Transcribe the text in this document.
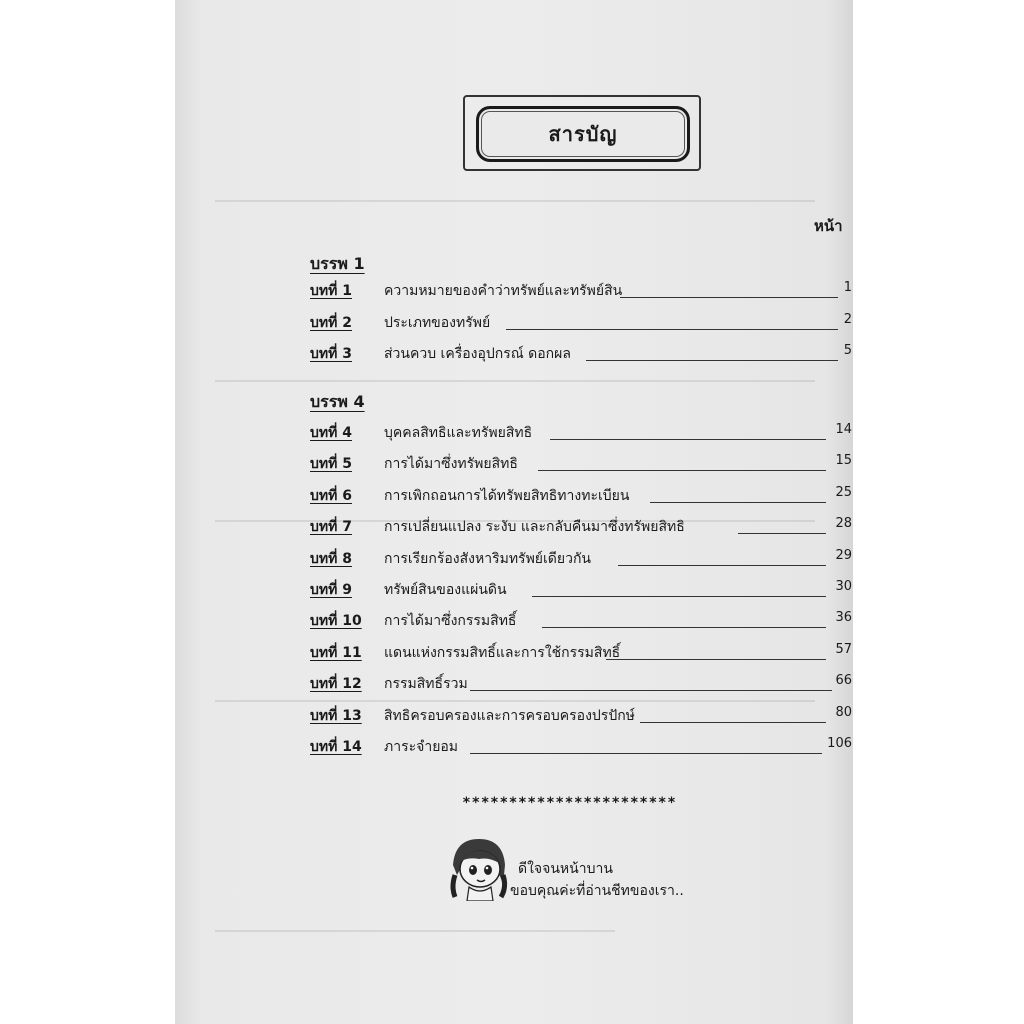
สารบัญ
หน้า
บรรพ 1
บทที่ 1	ความหมายของคำว่าทรัพย์และทรัพย์สิน	1
บทที่ 2	ประเภทของทรัพย์	2
บทที่ 3	ส่วนควบ เครื่องอุปกรณ์ ดอกผล	5
บรรพ 4
บทที่ 4	บุคคลสิทธิและทรัพยสิทธิ	14
บทที่ 5	การได้มาซึ่งทรัพยสิทธิ	15
บทที่ 6	การเพิกถอนการได้ทรัพยสิทธิทางทะเบียน	25
บทที่ 7	การเปลี่ยนแปลง ระงับ และกลับคืนมาซึ่งทรัพยสิทธิ	28
บทที่ 8	การเรียกร้องสังหาริมทรัพย์เดียวกัน	29
บทที่ 9	ทรัพย์สินของแผ่นดิน	30
บทที่ 10	การได้มาซึ่งกรรมสิทธิ์	36
บทที่ 11	แดนแห่งกรรมสิทธิ์และการใช้กรรมสิทธิ์	57
บทที่ 12	กรรมสิทธิ์รวม	66
บทที่ 13	สิทธิครอบครองและการครอบครองปรปักษ์	80
บทที่ 14	ภาระจำยอม	106
***********************
ดีใจจนหน้าบาน
ขอบคุณค่ะที่อ่านชีทของเรา..
